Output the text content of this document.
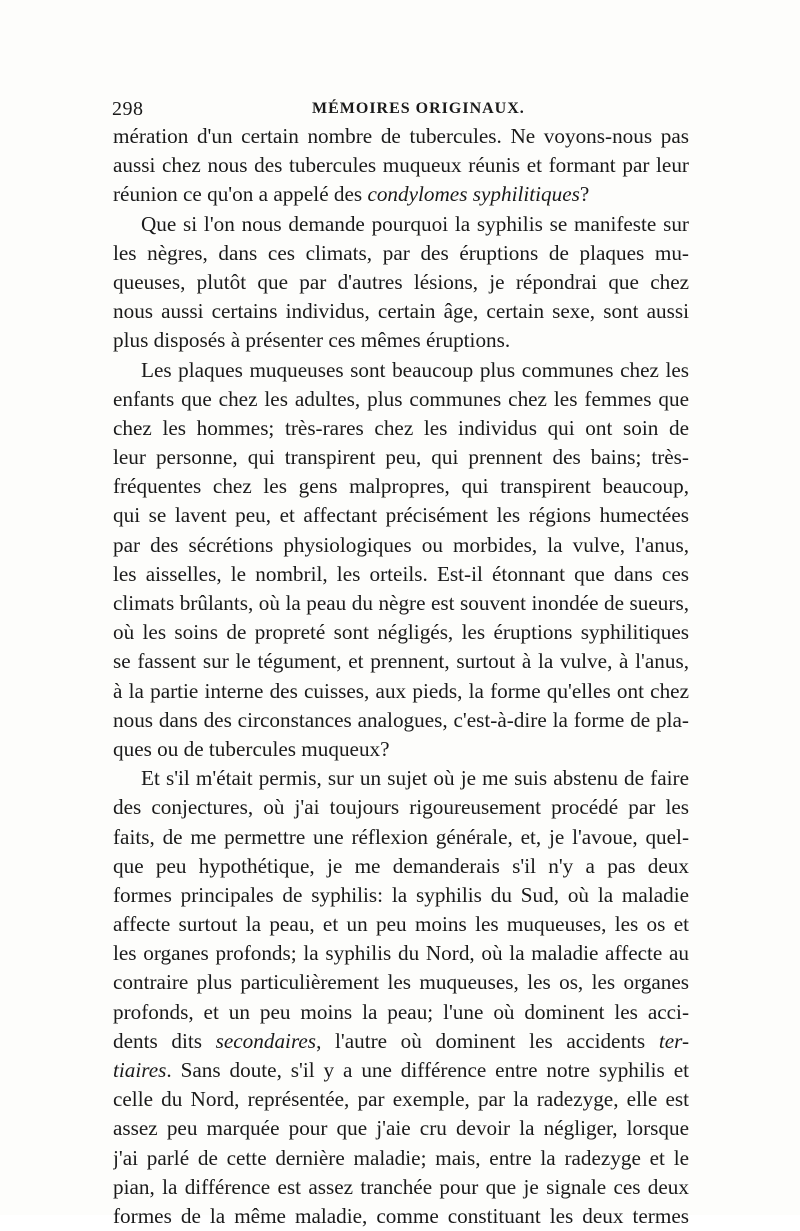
298	MÉMOIRES ORIGINAUX.
mération d'un certain nombre de tubercules. Ne voyons-nous pas
aussi chez nous des tubercules muqueux réunis et formant par leur
réunion ce qu'on a appelé des condylomes syphilitiques?
Que si l'on nous demande pourquoi la syphilis se manifeste sur
les nègres, dans ces climats, par des éruptions de plaques mu-
queuses, plutôt que par d'autres lésions, je répondrai que chez
nous aussi certains individus, certain âge, certain sexe, sont aussi
plus disposés à présenter ces mêmes éruptions.
Les plaques muqueuses sont beaucoup plus communes chez les
enfants que chez les adultes, plus communes chez les femmes que
chez les hommes; très-rares chez les individus qui ont soin de
leur personne, qui transpirent peu, qui prennent des bains; très-
fréquentes chez les gens malpropres, qui transpirent beaucoup,
qui se lavent peu, et affectant précisément les régions humectées
par des sécrétions physiologiques ou morbides, la vulve, l'anus,
les aisselles, le nombril, les orteils. Est-il étonnant que dans ces
climats brûlants, où la peau du nègre est souvent inondée de sueurs,
où les soins de propreté sont négligés, les éruptions syphilitiques
se fassent sur le tégument, et prennent, surtout à la vulve, à l'anus,
à la partie interne des cuisses, aux pieds, la forme qu'elles ont chez
nous dans des circonstances analogues, c'est-à-dire la forme de pla-
ques ou de tubercules muqueux?
Et s'il m'était permis, sur un sujet où je me suis abstenu de faire
des conjectures, où j'ai toujours rigoureusement procédé par les
faits, de me permettre une réflexion générale, et, je l'avoue, quel-
que peu hypothétique, je me demanderais s'il n'y a pas deux
formes principales de syphilis: la syphilis du Sud, où la maladie
affecte surtout la peau, et un peu moins les muqueuses, les os et
les organes profonds; la syphilis du Nord, où la maladie affecte au
contraire plus particulièrement les muqueuses, les os, les organes
profonds, et un peu moins la peau; l'une où dominent les acci-
dents dits secondaires, l'autre où dominent les accidents ter-
tiaires. Sans doute, s'il y a une différence entre notre syphilis et
celle du Nord, représentée, par exemple, par la radezyge, elle est
assez peu marquée pour que j'aie cru devoir la négliger, lorsque
j'ai parlé de cette dernière maladie; mais, entre la radezyge et le
pian, la différence est assez tranchée pour que je signale ces deux
formes de la même maladie, comme constituant les deux termes
